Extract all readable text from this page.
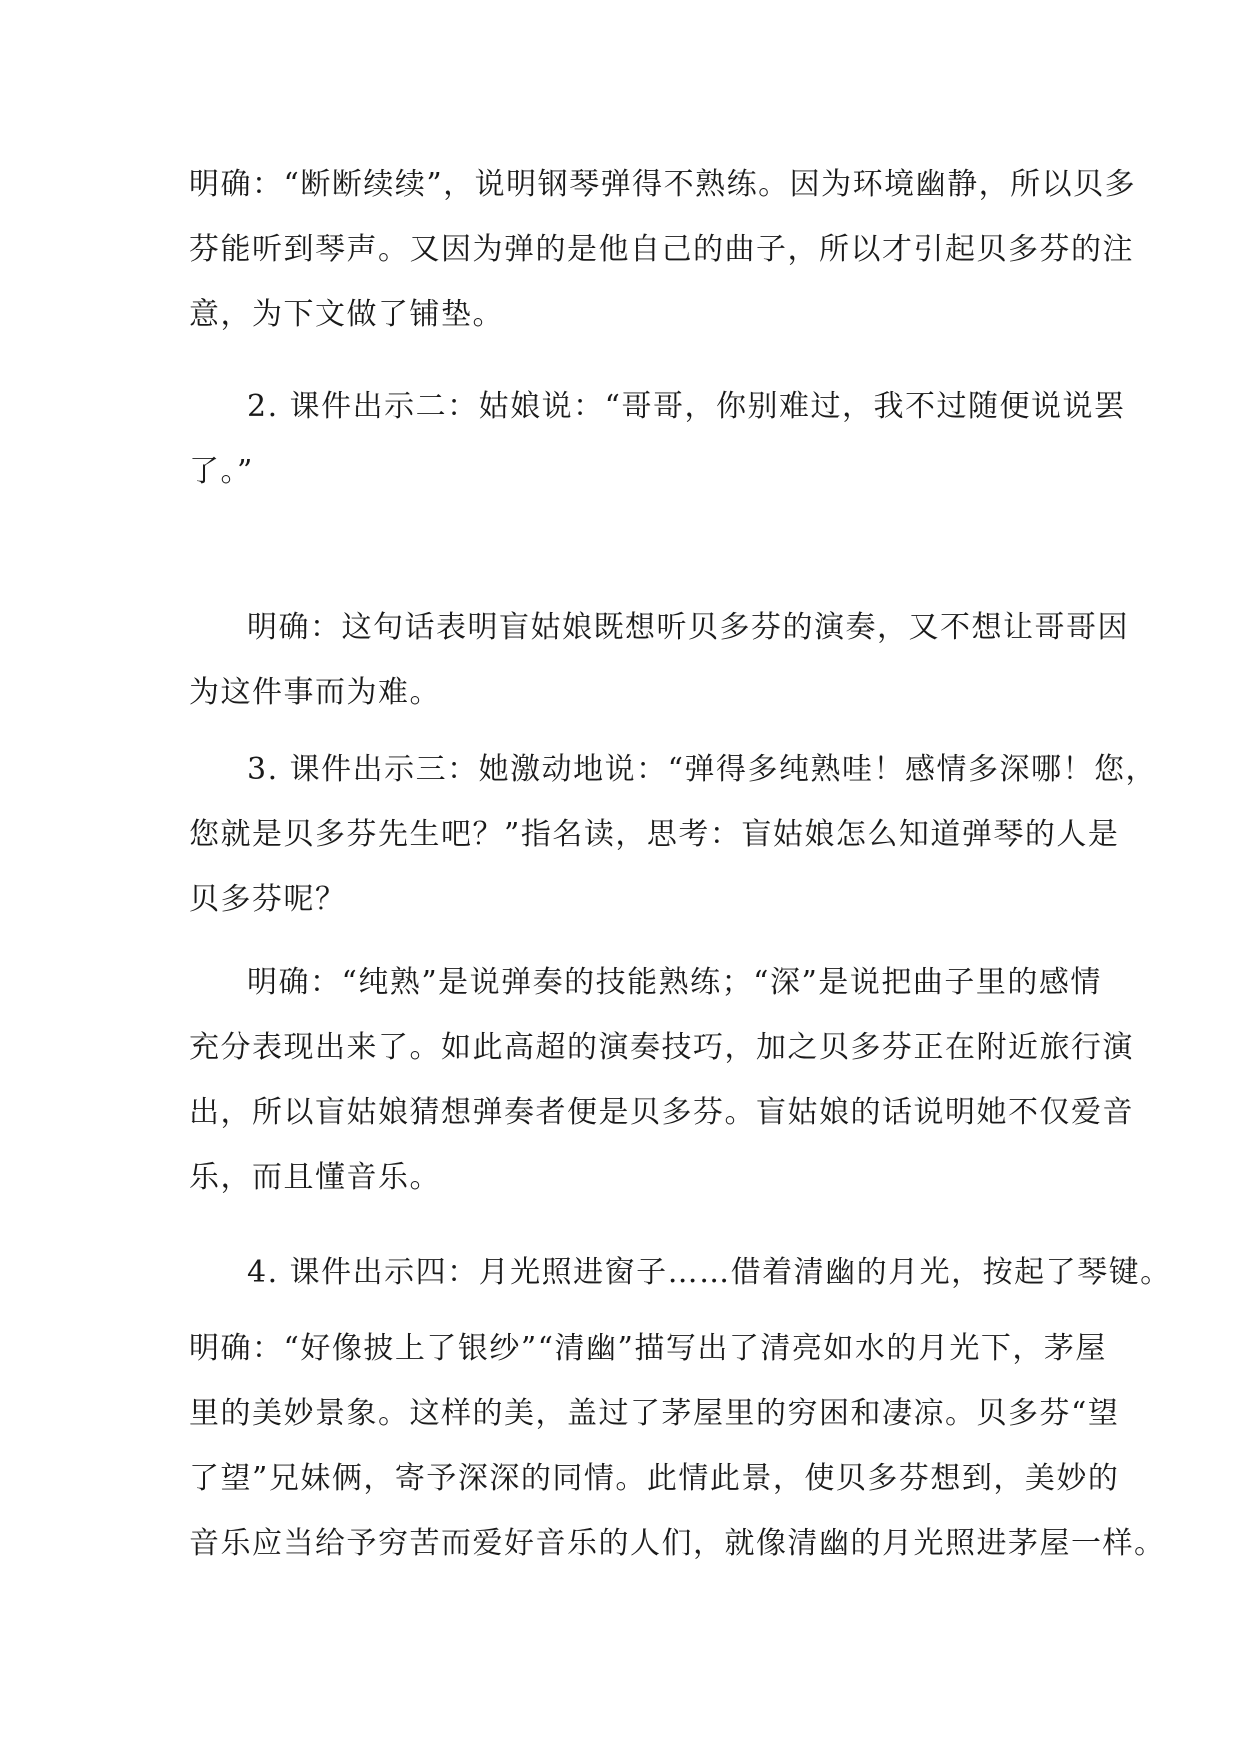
明确：“断断续续”，说明钢琴弹得不熟练。因为环境幽静，所以贝多
芬能听到琴声。又因为弹的是他自己的曲子，所以才引起贝多芬的注
意，为下文做了铺垫。
2. 课件出示二：姑娘说：“哥哥，你别难过，我不过随便说说罢
了。”
明确：这句话表明盲姑娘既想听贝多芬的演奏，又不想让哥哥因
为这件事而为难。
3. 课件出示三：她激动地说：“弹得多纯熟哇！感情多深哪！您，
您就是贝多芬先生吧？”指名读，思考：盲姑娘怎么知道弹琴的人是
贝多芬呢？
明确：“纯熟”是说弹奏的技能熟练；“深”是说把曲子里的感情
充分表现出来了。如此高超的演奏技巧，加之贝多芬正在附近旅行演
出，所以盲姑娘猜想弹奏者便是贝多芬。盲姑娘的话说明她不仅爱音
乐，而且懂音乐。
4. 课件出示四：月光照进窗子……借着清幽的月光，按起了琴键。
明确：“好像披上了银纱”“清幽”描写出了清亮如水的月光下，茅屋
里的美妙景象。这样的美，盖过了茅屋里的穷困和凄凉。贝多芬“望
了望”兄妹俩，寄予深深的同情。此情此景，使贝多芬想到，美妙的
音乐应当给予穷苦而爱好音乐的人们，就像清幽的月光照进茅屋一样。
